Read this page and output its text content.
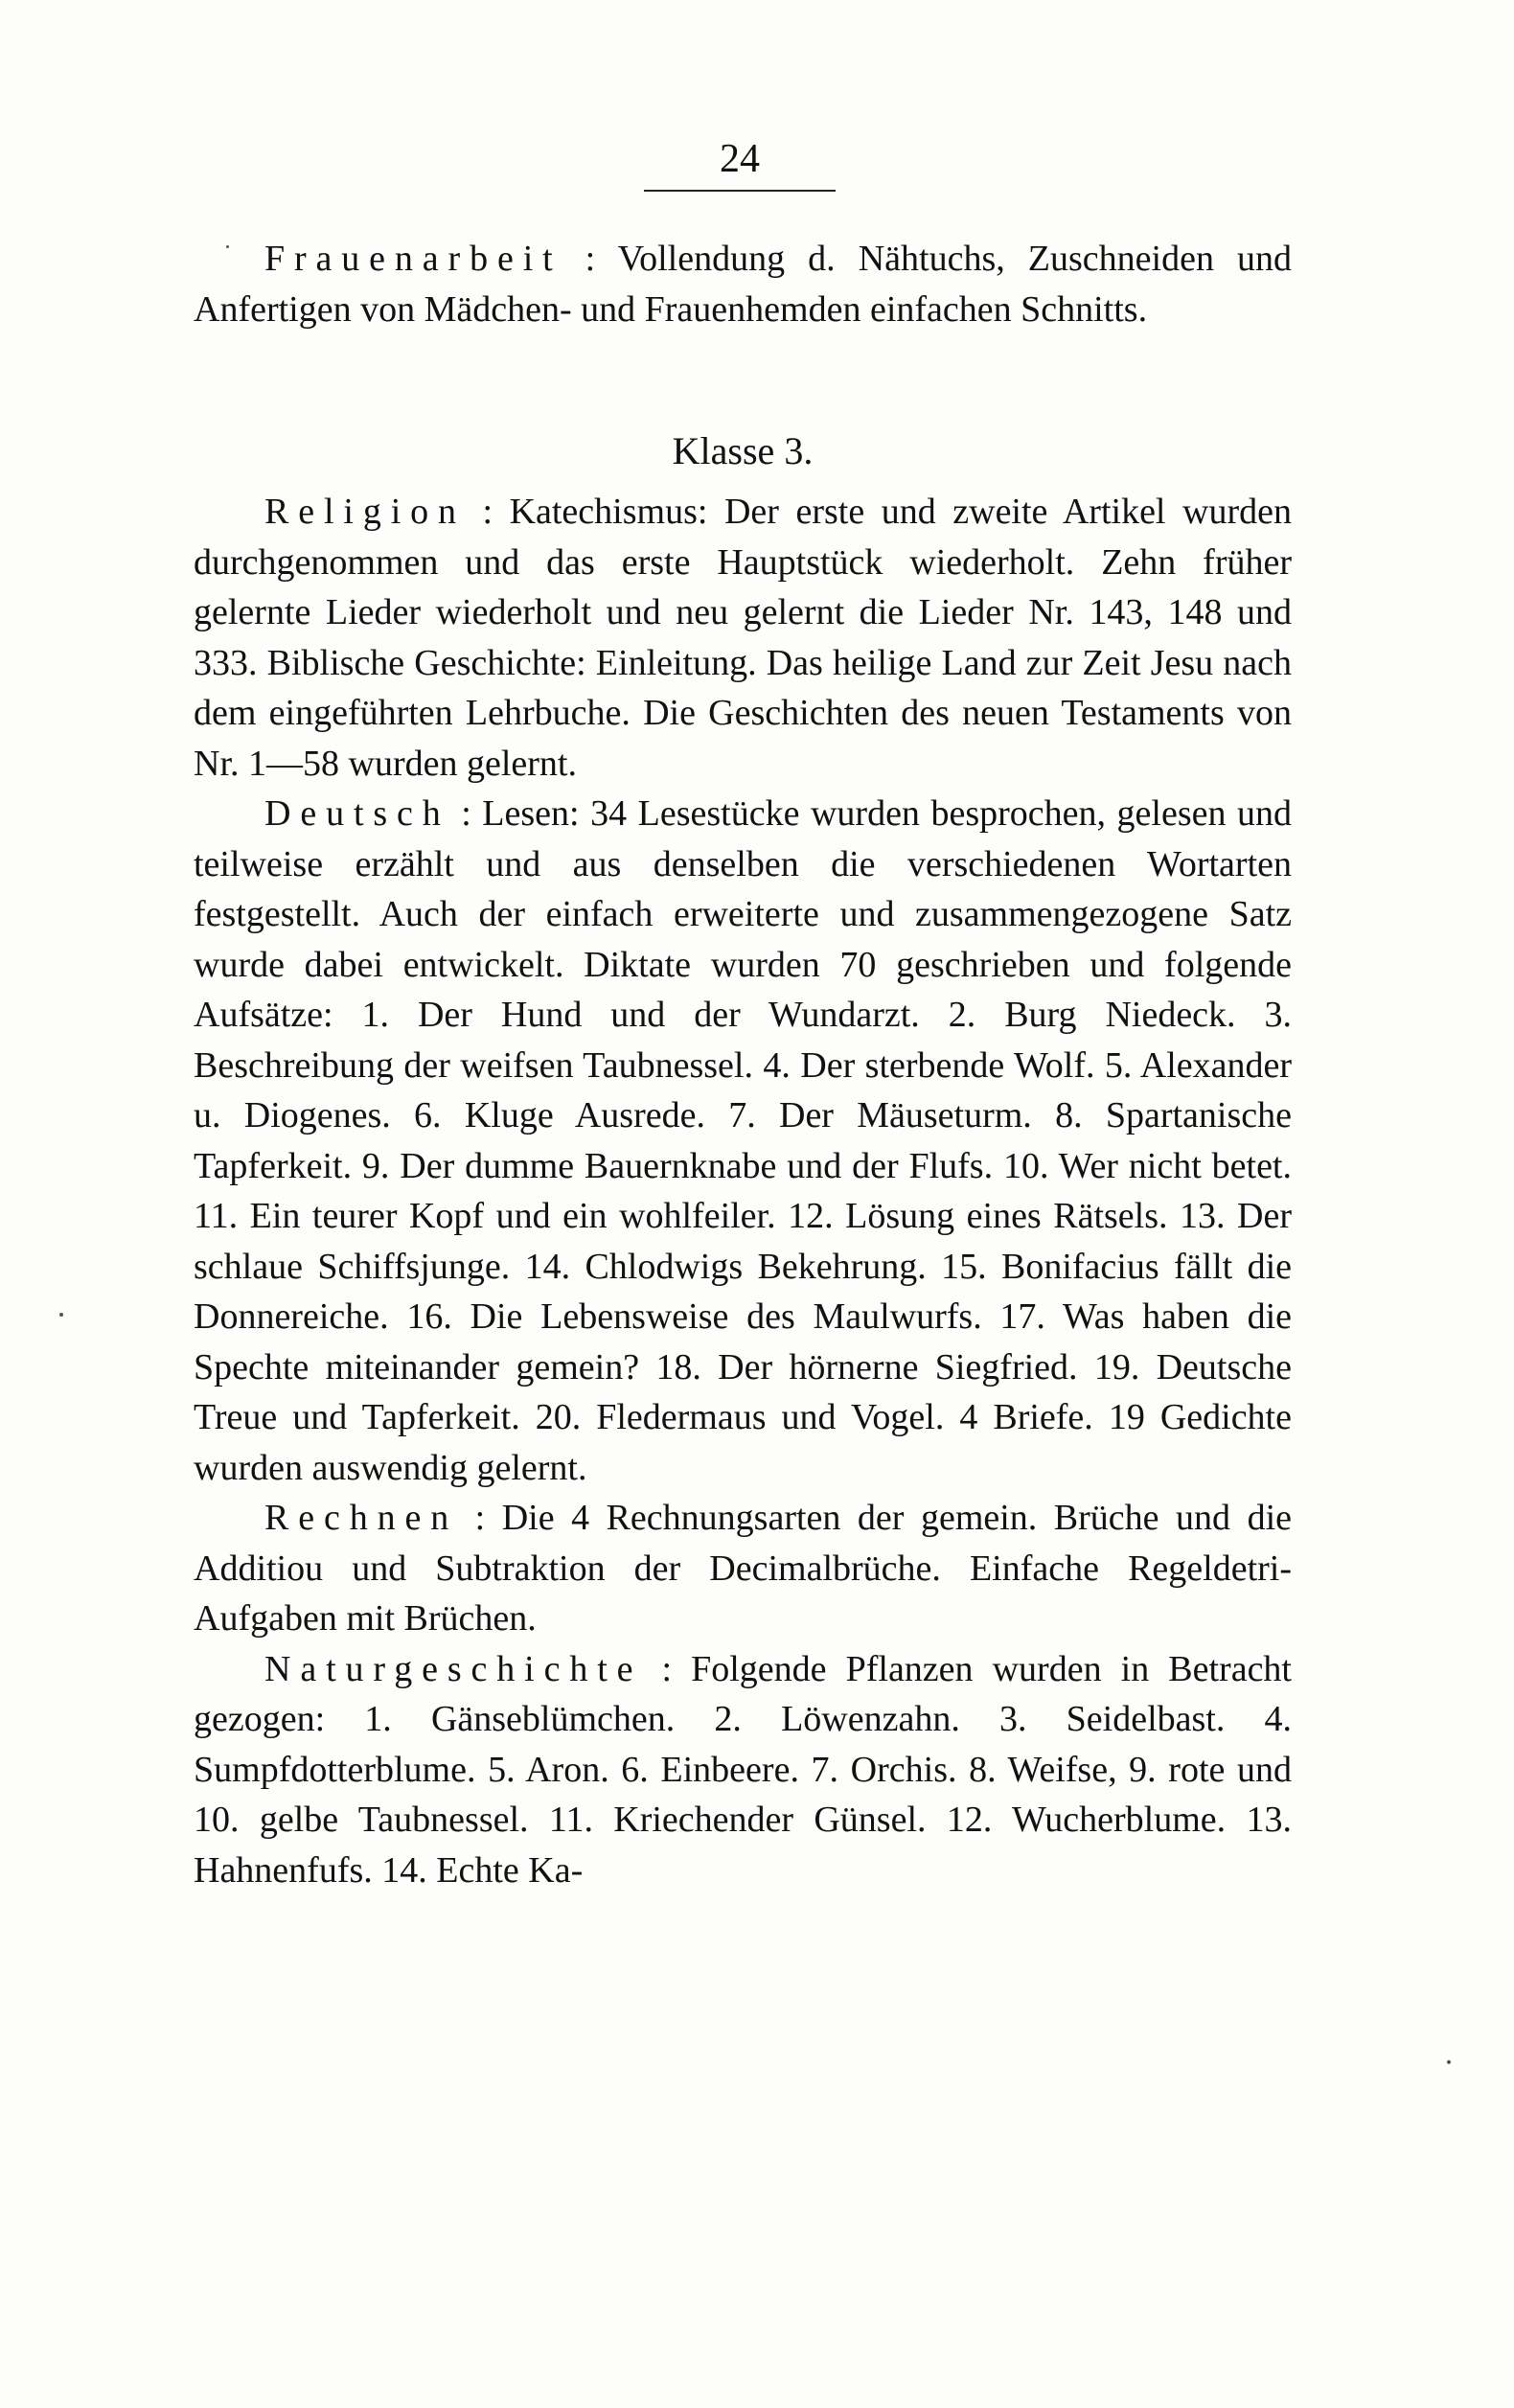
24

Frauenarbeit : Vollendung d. Nähtuchs, Zuschneiden und Anfertigen von Mädchen- und Frauenhemden einfachen Schnitts.

Klasse 3.

Religion : Katechismus: Der erste und zweite Artikel wurden durchgenommen und das erste Hauptstück wiederholt. Zehn früher gelernte Lieder wiederholt und neu gelernt die Lieder Nr. 143, 148 und 333. Biblische Geschichte: Einleitung. Das heilige Land zur Zeit Jesu nach dem eingeführten Lehrbuche. Die Geschichten des neuen Testaments von Nr. 1—58 wurden gelernt.

Deutsch : Lesen: 34 Lesestücke wurden besprochen, gelesen und teilweise erzählt und aus denselben die verschiedenen Wortarten festgestellt. Auch der einfach erweiterte und zusammengezogene Satz wurde dabei entwickelt. Diktate wurden 70 geschrieben und folgende Aufsätze: 1. Der Hund und der Wundarzt. 2. Burg Niedeck. 3. Beschreibung der weifsen Taubnessel. 4. Der sterbende Wolf. 5. Alexander u. Diogenes. 6. Kluge Ausrede. 7. Der Mäuseturm. 8. Spartanische Tapferkeit. 9. Der dumme Bauernknabe und der Flufs. 10. Wer nicht betet. 11. Ein teurer Kopf und ein wohlfeiler. 12. Lösung eines Rätsels. 13. Der schlaue Schiffsjunge. 14. Chlodwigs Bekehrung. 15. Bonifacius fällt die Donnereiche. 16. Die Lebensweise des Maulwurfs. 17. Was haben die Spechte miteinander gemein? 18. Der hörnerne Siegfried. 19. Deutsche Treue und Tapferkeit. 20. Fledermaus und Vogel. 4 Briefe. 19 Gedichte wurden auswendig gelernt.

Rechnen : Die 4 Rechnungsarten der gemein. Brüche und die Additiou und Subtraktion der Decimalbrüche. Einfache Regeldetri-Aufgaben mit Brüchen.

Naturgeschichte : Folgende Pflanzen wurden in Betracht gezogen: 1. Gänseblümchen. 2. Löwenzahn. 3. Seidelbast. 4. Sumpfdotterblume. 5. Aron. 6. Einbeere. 7. Orchis. 8. Weifse, 9. rote und 10. gelbe Taubnessel. 11. Kriechender Günsel. 12. Wucherblume. 13. Hahnenfufs. 14. Echte Ka-
